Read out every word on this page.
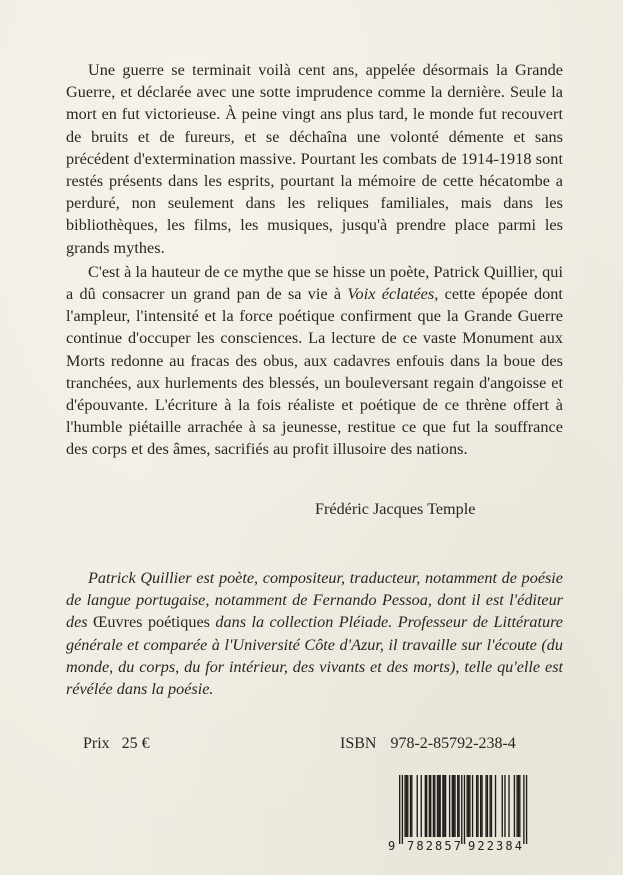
Une guerre se terminait voilà cent ans, appelée désormais la Grande Guerre, et déclarée avec une sotte imprudence comme la dernière. Seule la mort en fut victorieuse. À peine vingt ans plus tard, le monde fut recouvert de bruits et de fureurs, et se déchaîna une volonté démente et sans précédent d'extermination massive. Pourtant les combats de 1914-1918 sont restés présents dans les esprits, pourtant la mémoire de cette hécatombe a perduré, non seulement dans les reliques familiales, mais dans les bibliothèques, les films, les musiques, jusqu'à prendre place parmi les grands mythes.

C'est à la hauteur de ce mythe que se hisse un poète, Patrick Quillier, qui a dû consacrer un grand pan de sa vie à Voix éclatées, cette épopée dont l'ampleur, l'intensité et la force poétique confirment que la Grande Guerre continue d'occuper les consciences. La lecture de ce vaste Monument aux Morts redonne au fracas des obus, aux cadavres enfouis dans la boue des tranchées, aux hurlements des blessés, un bouleversant regain d'angoisse et d'épouvante. L'écriture à la fois réaliste et poétique de ce thrène offert à l'humble piétaille arrachée à sa jeunesse, restitue ce que fut la souffrance des corps et des âmes, sacrifiés au profit illusoire des nations.

Frédéric Jacques Temple

Patrick Quillier est poète, compositeur, traducteur, notamment de poésie de langue portugaise, notamment de Fernando Pessoa, dont il est l'éditeur des Œuvres poétiques dans la collection Pléiade. Professeur de Littérature générale et comparée à l'Université Côte d'Azur, il travaille sur l'écoute (du monde, du corps, du for intérieur, des vivants et des morts), telle qu'elle est révélée dans la poésie.

Prix 25 €	ISBN 978-2-85792-238-4
9 782857 922384
